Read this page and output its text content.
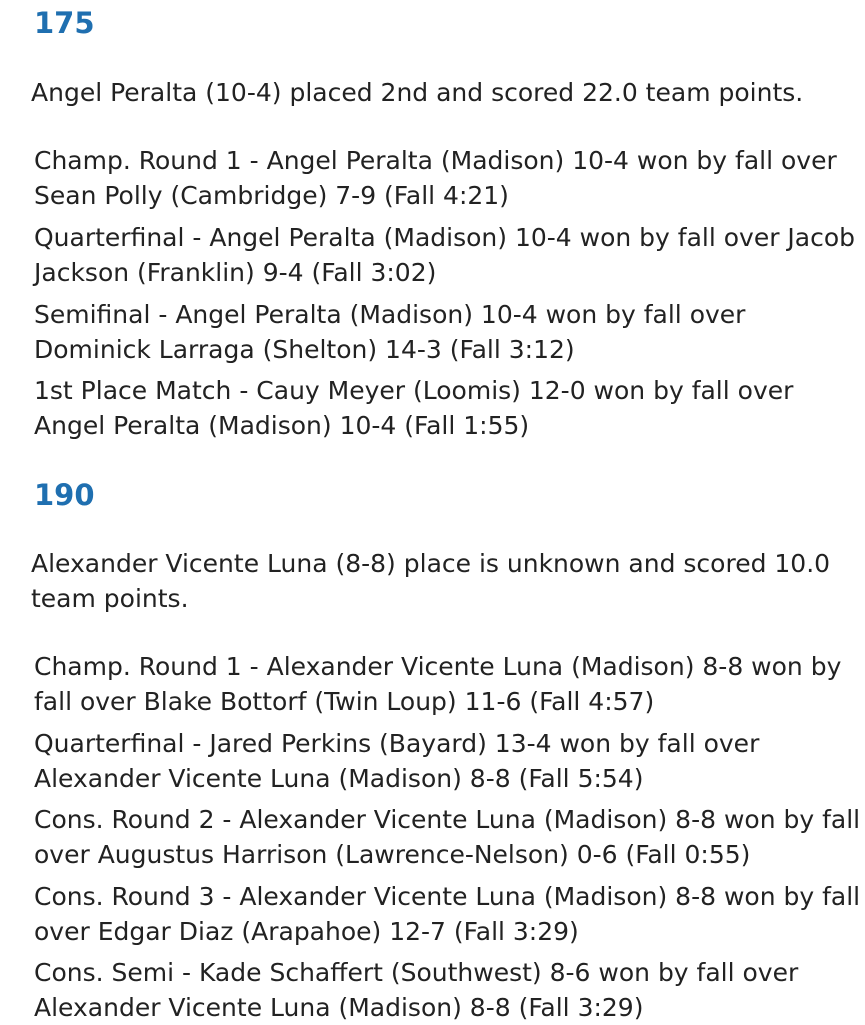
175

Angel Peralta (10-4) placed 2nd and scored 22.0 team points.

Champ. Round 1 - Angel Peralta (Madison) 10-4 won by fall over Sean Polly (Cambridge) 7-9 (Fall 4:21)

Quarterfinal - Angel Peralta (Madison) 10-4 won by fall over Jacob Jackson (Franklin) 9-4 (Fall 3:02)

Semifinal - Angel Peralta (Madison) 10-4 won by fall over Dominick Larraga (Shelton) 14-3 (Fall 3:12)

1st Place Match - Cauy Meyer (Loomis) 12-0 won by fall over Angel Peralta (Madison) 10-4 (Fall 1:55)

190

Alexander Vicente Luna (8-8) place is unknown and scored 10.0 team points.

Champ. Round 1 - Alexander Vicente Luna (Madison) 8-8 won by fall over Blake Bottorf (Twin Loup) 11-6 (Fall 4:57)

Quarterfinal - Jared Perkins (Bayard) 13-4 won by fall over Alexander Vicente Luna (Madison) 8-8 (Fall 5:54)

Cons. Round 2 - Alexander Vicente Luna (Madison) 8-8 won by fall over Augustus Harrison (Lawrence-Nelson) 0-6 (Fall 0:55)

Cons. Round 3 - Alexander Vicente Luna (Madison) 8-8 won by fall over Edgar Diaz (Arapahoe) 12-7 (Fall 3:29)

Cons. Semi - Kade Schaffert (Southwest) 8-6 won by fall over Alexander Vicente Luna (Madison) 8-8 (Fall 3:29)
